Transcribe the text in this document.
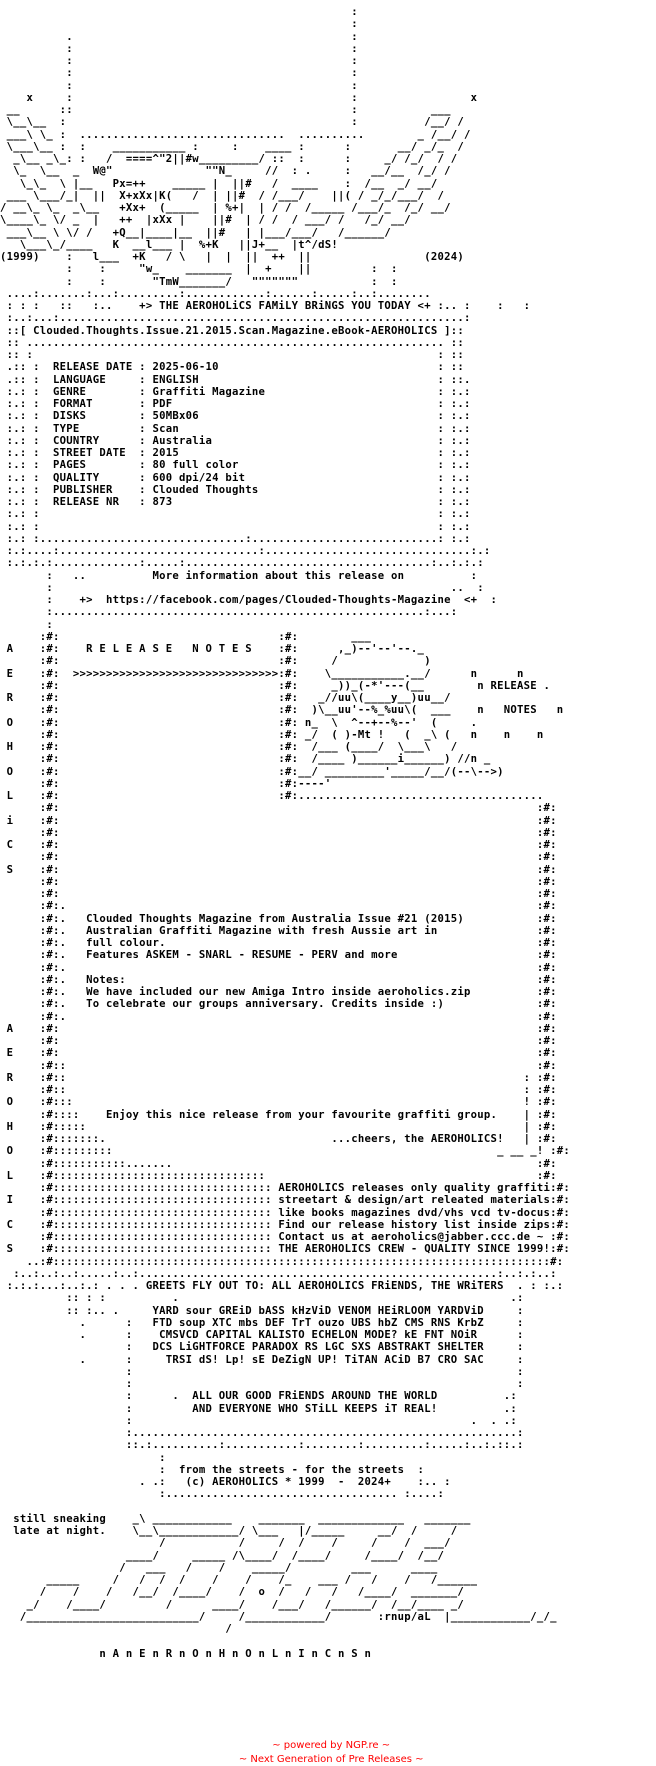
:
:
.                                          :
:                                          :
:                                          :
:                                          :
:                                          :
x     :                                          :                 x
__      ::                                          :           ___
\__\__  :                                           :          /__/ /
___\ \_ :  ...............................  ..........        _ /__/ /
\___\__ :  :    ___________ :     :    ____ :      :       __/ _/_  /
_\__ _\_: :   /  ====^"2||#w_________/ ::  :      :     _/ /_/  / /
\_  \__  _  W@"              ""N_     //  : .     :   __/__  /_/ /
\_\_  \ |__   Px=++    _____ |  ||#   /  ____    :  /__  _/ __/
___ \___/_|  ||  X+xXx|K(   /  | ||#  / /___/    ||( / _/_/___/  /
/ __\_ \_  _\__   +Xx+  (_____  | %+|  | / /  /_____ /___/_  /_/ __/
\____\_ \/ _  |   ++  |xXx |    ||#  | / /  / ___/ /   /_/ __/
___\__ \ \/ /   +Q__|____|__  ||#   | |___/___/   /______/
\___\_/____   K  __l___ |  %+K   ||J+__  |t^/dS!
(1999)    :   l___  +K   / \   |  |  ||  ++  ||                 (2024)
:    :     "w_    _______  |  +    ||         :  :
:    :       "TmW_______/   """""""           :  :
....:.......:...:.........:............:......:.....:..:........
: : :   ::   :..    +> THE AEROHOLiCS FAMiLY BRiNGS YOU TODAY <+ :.. :    :   :
:..:...:.............................................................:
::[ Clouded.Thoughts.Issue.21.2015.Scan.Magazine.eBook-AEROHOLICS ]::
:: ............................................................... ::
:: :                                                             : ::
.:: :  RELEASE DATE : 2025-06-10                                 : ::
.:: :  LANGUAGE     : ENGLISH                                    : ::.
:.: :  GENRE        : Graffiti Magazine                          : :.:
:.: :  FORMAT       : PDF                                        : :.:
:.: :  DISKS        : 50MBx06                                    : :.:
:.: :  TYPE         : Scan                                       : :.:
:.: :  COUNTRY      : Australia                                  : :.:
:.: :  STREET DATE  : 2015                                       : :.:
:.: :  PAGES        : 80 full color                              : :.:
:.: :  QUALITY      : 600 dpi/24 bit                             : :.:
:.: :  PUBLISHER    : Clouded Thoughts                           : :.:
:.: :  RELEASE NR   : 873                                        : :.:
:.: :                                                            : :.:
:.: :                                                            : :.:
:.: :...............................:............................: :.:
:.:....:..............................:...............................:.:
:.:.:.:.............:.....:.....................................:..:.:.:
:   ..          More information about this release on          :
:                                                            ..  :
:    +>  https://facebook.com/pages/Clouded-Thoughts-Magazine  <+  :
:........................................................:...:
:
:#:                                 :#:        ___
A    :#:    R E L E A S E   N O T E S    :#:      ,_)--'--'--._
:#:                                 :#:     /             )
E    :#:  >>>>>>>>>>>>>>>>>>>>>>>>>>>>>>>:#:    \___________.__/      n      n
:#:                                 :#:     _))_(-*'---(__        n RELEASE .
R    :#:                                 :#:   _//uu\(____y__)uu__/
:#:                                 :#:  )\__uu'--%_%uu\(  ___    n   NOTES   n
O    :#:                                 :#: n_  \  ^--+--%--'  (     .
:#:                                 :#: _/  ( )-Mt !   (  _\ (   n    n    n
H    :#:                                 :#:  /___ (____/  \___\   /
:#:                                 :#:  /____ )______i______) //n _
O    :#:                                 :#:__/ _________'_____/__/(--\-->)
:#:                                 :#:----'
L    :#:                                 :#:.....................................
:#:                                                                        :#:
i    :#:                                                                        :#:
:#:                                                                        :#:
C    :#:                                                                        :#:
:#:                                                                        :#:
S    :#:                                                                        :#:
:#:                                                                        :#:
:#:                                                                        :#:
:#:.                                                                       :#:
:#:.   Clouded Thoughts Magazine from Australia Issue #21 (2015)           :#:
:#:.   Australian Graffiti Magazine with fresh Aussie art in               :#:
:#:.   full colour.                                                        :#:
:#:.   Features ASKEM - SNARL - RESUME - PERV and more                     :#:
:#:.                                                                       :#:
:#:.   Notes:                                                              :#:
:#:.   We have included our new Amiga Intro inside aeroholics.zip          :#:
:#:.   To celebrate our groups anniversary. Credits inside :)              :#:
:#:.                                                                       :#:
A    :#:                                                                        :#:
:#:                                                                        :#:
E    :#:                                                                        :#:
:#::                                                                       :#:
R    :#::                                                                     : :#:
:#::                                                                     : :#:
O    :#:::                                                                    ! :#:
:#::::    Enjoy this nice release from your favourite graffiti group.    | :#:
H    :#:::::                                                                  | :#:
:#:::::::.                                  ...cheers, the AEROHOLICS!   | :#:
O    :#:::::::::                                                          _ __ _! :#:
:#:::::::::::.......                                                       :#:
L    :#::::::::::::::::::::::::::::::::                                         :#:
:#::::::::::::::::::::::::::::::::: AEROHOLICS releases only quality graffiti:#:
I    :#::::::::::::::::::::::::::::::::: streetart & design/art releated materials:#:
:#::::::::::::::::::::::::::::::::: like books magazines dvd/vhs vcd tv-docus:#:
C    :#::::::::::::::::::::::::::::::::: Find our release history list inside zips:#:
:#::::::::::::::::::::::::::::::::: Contact us at aeroholics@jabber.ccc.de ~ :#:
S    :#::::::::::::::::::::::::::::::::: THE AEROHOLICS CREW - QUALITY SINCE 1999!:#:
..:#:::::::::::::::::::::::::::::::::::::::::::::::::::::::::::::::::::::::::::#:
:..:..:..:.....:..:......................................................:..:.:..:
:.:.:...:..:.: . . . GREETS FLY OUT TO: ALL AEROHOLICS FRiENDS, THE WRiTERS  . : :.:
:: : :          .                                                  .:
:: :.. .     YARD sour GREiD bASS kHzViD VENOM HEiRLOOM YARDViD     :
.      :   FTD soup XTC mbs DEF TrT ouzo UBS hbZ CMS RNS KrbZ     :
.      :    CMSVCD CAPITAL KALISTO ECHELON MODE? kE FNT NOiR      :
:   DCS LiGHTFORCE PARADOX RS LGC SXS ABSTRAKT SHELTER     :
.      :     TRSI dS! Lp! sE DeZigN UP! TiTAN ACiD B7 CRO SAC     :
:                                                          :
:                                                          :
:      .  ALL OUR GOOD FRiENDS AROUND THE WORLD          .:
:         AND EVERYONE WHO STiLL KEEPS iT REAL!          .:
:                                                   .  . .:
:..........................................................:
::.:..........:...........:........:.........:.....:..:.::.:
:
:  from the streets - for the streets  :
. .:   (c) AEROHOLICS * 1999  -  2024+    :.. :
:................................... :....:
still sneaking    _\ ____________    _______  _____________   _______
late at night.    \__\____________/ \___   |/_____     __/  /     /
/           /     /  /    /     /    /  ___/
____/     _____ /\____/  /____/     /____/  /__/
/   ___   /    /    _____/         ___      ____
_____     /   /  /  /    /    /    /_    ___ /   /    /   /______
/    /    /   /__/  /____/    /  o  /   /   /   /____/  _______/
_/    /____/         /      ____/    /___/   /______/  /__/____ _/
/__________________________/     /____________/       :rnup/aL  |____________/_/_
/
n A n E n R n O n H n O n L n I n C n S n

~ powered by NGP.re ~

~ Next Generation of Pre Releases ~
